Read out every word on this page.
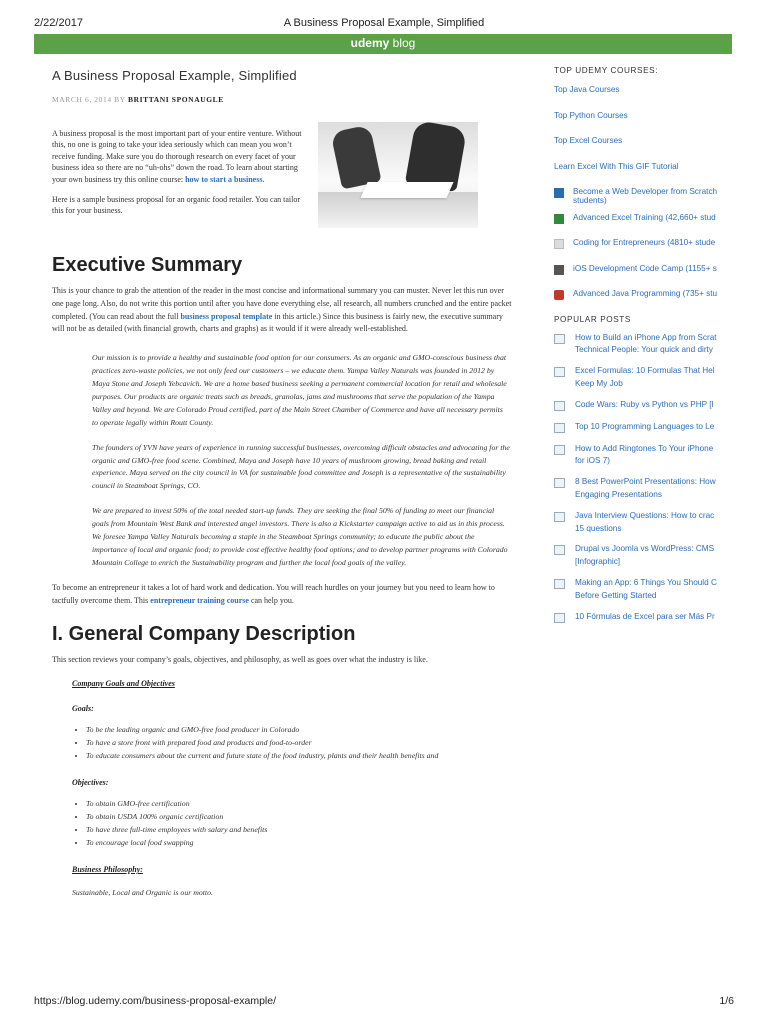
2/22/2017	A Business Proposal Example, Simplified
udemy blog
A Business Proposal Example, Simplified
MARCH 6, 2014 BY BRITTANI SPONAUGLE

A business proposal is the most important part of your entire venture. Without this, no one is going to take your idea seriously which can mean you won’t receive funding. Make sure you do thorough research on every facet of your business idea so there are no “uh-ohs” down the road. To learn about starting your own business try this online course: how to start a business.

Here is a sample business proposal for an organic food retailer. You can tailor this for your business.

Executive Summary

This is your chance to grab the attention of the reader in the most concise and informational summary you can muster. Never let this run over one page long. Also, do not write this portion until after you have done everything else, all research, all numbers crunched and the entire packet completed. (You can read about the full business proposal template in this article.) Since this business is fairly new, the executive summary will not be as detailed (with financial growth, charts and graphs) as it would if it were already well-established.

Our mission is to provide a healthy and sustainable food option for our consumers. As an organic and GMO-conscious business that practices zero-waste policies, we not only feed our customers – we educate them. Yampa Valley Naturals was founded in 2012 by Maya Stone and Joseph Yebcavich. We are a home based business seeking a permanent commercial location for retail and wholesale purposes. Our products are organic treats such as breads, granolas, jams and mushrooms that serve the population of the Yampa Valley and beyond. We are Colorado Proud certified, part of the Main Street Chamber of Commerce and have all necessary permits to operate legally within Routt County.

The founders of YVN have years of experience in running successful businesses, overcoming difficult obstacles and advocating for the organic and GMO-free food scene. Combined, Maya and Joseph have 10 years of mushroom growing, bread baking and retail experience. Maya served on the city council in VA for sustainable food committee and Joseph is a representative of the sustainability council in Steamboat Springs, CO.

We are prepared to invest 50% of the total needed start-up funds. They are seeking the final 50% of funding to meet our financial goals from Mountain West Bank and interested angel investors. There is also a Kickstarter campaign active to aid us in this process. We foresee Yampa Valley Naturals becoming a staple in the Steamboat Springs community; to educate the public about the importance of local and organic food; to provide cost effective healthy food options; and to develop partner programs with Colorado Mountain College to enrich the Sustainability program and further the local food goals of the valley.

To become an entrepreneur it takes a lot of hard work and dedication. You will reach hurdles on your journey but you need to learn how to tactfully overcome them. This entrepreneur training course can help you.

I. General Company Description

This section reviews your company’s goals, objectives, and philosophy, as well as goes over what the industry is like.

Company Goals and Objectives
Goals:
• To be the leading organic and GMO-free food producer in Colorado
• To have a store front with prepared food and products and food-to-order
• To educate consumers about the current and future state of the food industry, plants and their health benefits and
Objectives:
• To obtain GMO-free certification
• To obtain USDA 100% organic certification
• To have three full-time employees with salary and benefits
• To encourage local food swapping
Business Philosophy:
Sustainable, Local and Organic is our motto.
TOP UDEMY COURSES:
Top Java Courses
Top Python Courses
Top Excel Courses
Learn Excel With This GIF Tutorial
Become a Web Developer from Scratch
students)
Advanced Excel Training (42,660+ stud
Coding for Entrepreneurs (4810+ stude
iOS Development Code Camp (1155+ s
Advanced Java Programming (735+ stu
POPULAR POSTS
How to Build an iPhone App from Scrat
Technical People: Your quick and dirty
Excel Formulas: 10 Formulas That Hel
Keep My Job
Code Wars: Ruby vs Python vs PHP [I
Top 10 Programming Languages to Le
How to Add Ringtones To Your iPhone
for iOS 7)
8 Best PowerPoint Presentations: How
Engaging Presentations
Java Interview Questions: How to crac
15 questions
Drupal vs Joomla vs WordPress: CMS
[Infographic]
Making an App: 6 Things You Should C
Before Getting Started
10 Fórmulas de Excel para ser Más Pr
https://blog.udemy.com/business-proposal-example/	1/6
